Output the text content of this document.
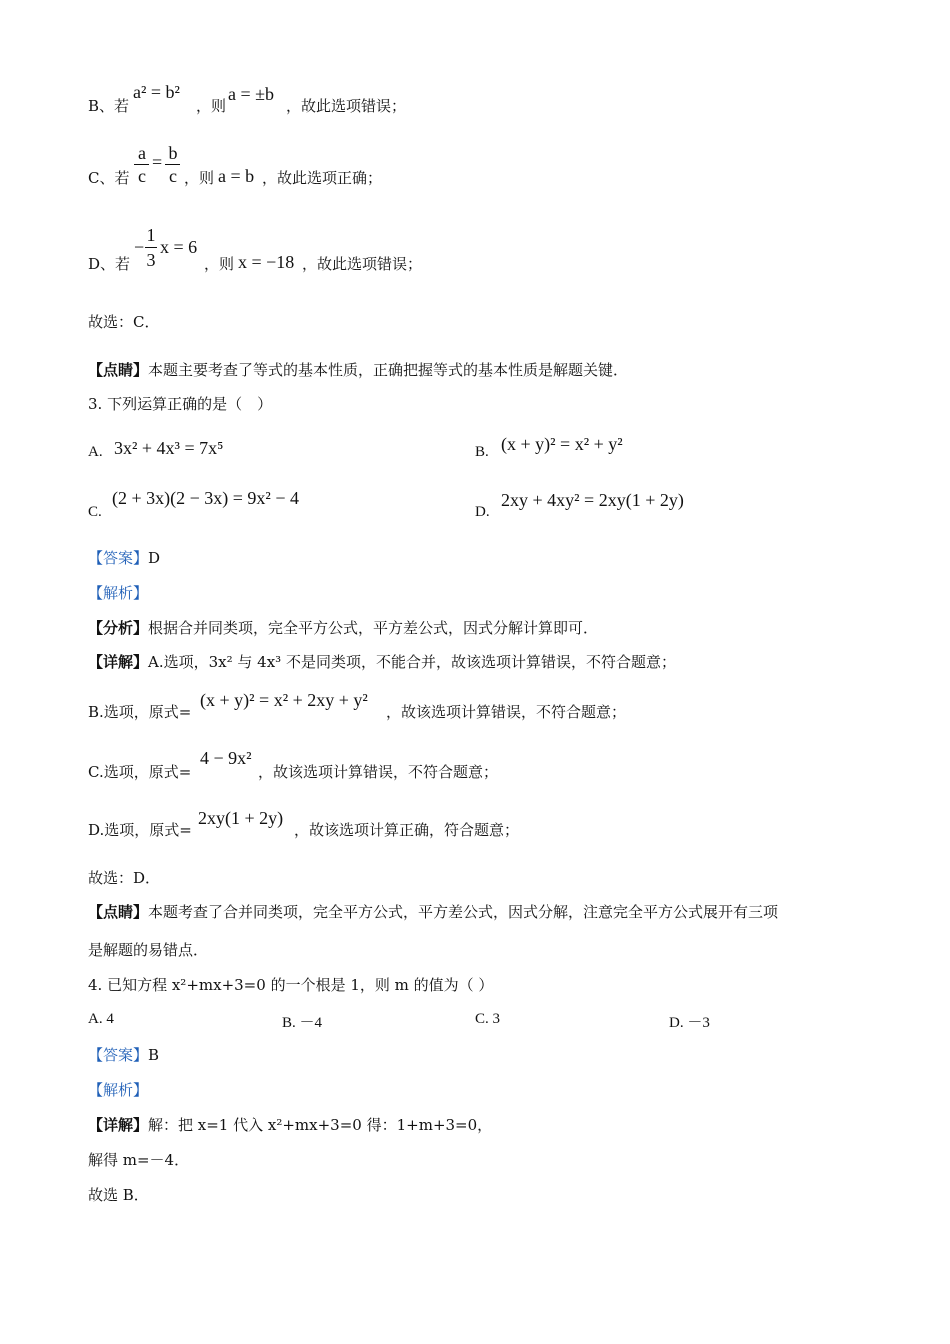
B、若
a² = b²
，则
a = ±b
，故此选项错误；
C、若
a
c
= b
c ，则 a = b ，故此选项正确；
D、若
−
1
3
x = 6
，则 x = −18 ，故此选项错误；
故选：C．
【点睛】本题主要考查了等式的基本性质，正确把握等式的基本性质是解题关键．
3. 下列运算正确的是（　）
A. 3x² + 4x³ = 7x⁵	B. (x + y)² = x² + y²
C.
(2 + 3x)(2 − 3x) = 9x² − 4
D.
2xy + 4xy² = 2xy(1 + 2y)
【答案】D
【解析】
【分析】根据合并同类项，完全平方公式，平方差公式，因式分解计算即可．
【详解】A.选项，3x² 与 4x³ 不是同类项，不能合并，故该选项计算错误，不符合题意；
B.选项，原式=
(x + y)² = x² + 2xy + y²
，故该选项计算错误，不符合题意；
C.选项，原式=
4 − 9x²
，故该选项计算错误，不符合题意；
D.选项，原式=
2xy(1 + 2y)
，故该选项计算正确，符合题意；
故选：D．
【点睛】本题考查了合并同类项，完全平方公式，平方差公式，因式分解，注意完全平方公式展开有三项
是解题的易错点．
4. 已知方程 x²+mx+3=0 的一个根是 1，则 m 的值为（ ）
A. 4	B. －4	C. 3	D. －3
【答案】B
【解析】
【详解】解：把 x=1 代入 x²+mx+3=0 得：1+m+3=0，
解得 m=－4．
故选 B．
